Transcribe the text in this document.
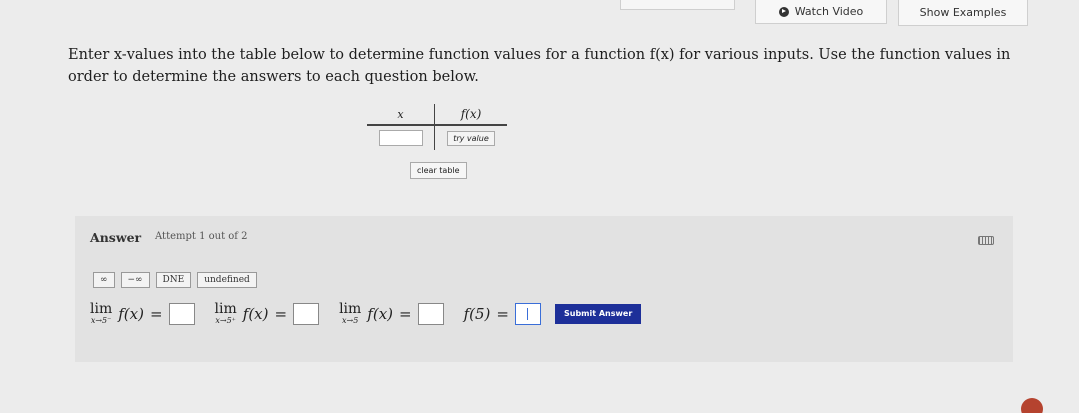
Watch Video	Show Examples
Enter x-values into the table below to determine function values for a function f(x) for various inputs. Use the function values in order to determine the answers to each question below.
x	f(x)
try value
clear table
Answer Attempt 1 out of 2
∞	−∞	DNE	undefined
lim
x→5⁻ f(x) =	lim
x→5⁺ f(x) =	lim
x→5 f(x) =	f(5) =	Submit Answer
